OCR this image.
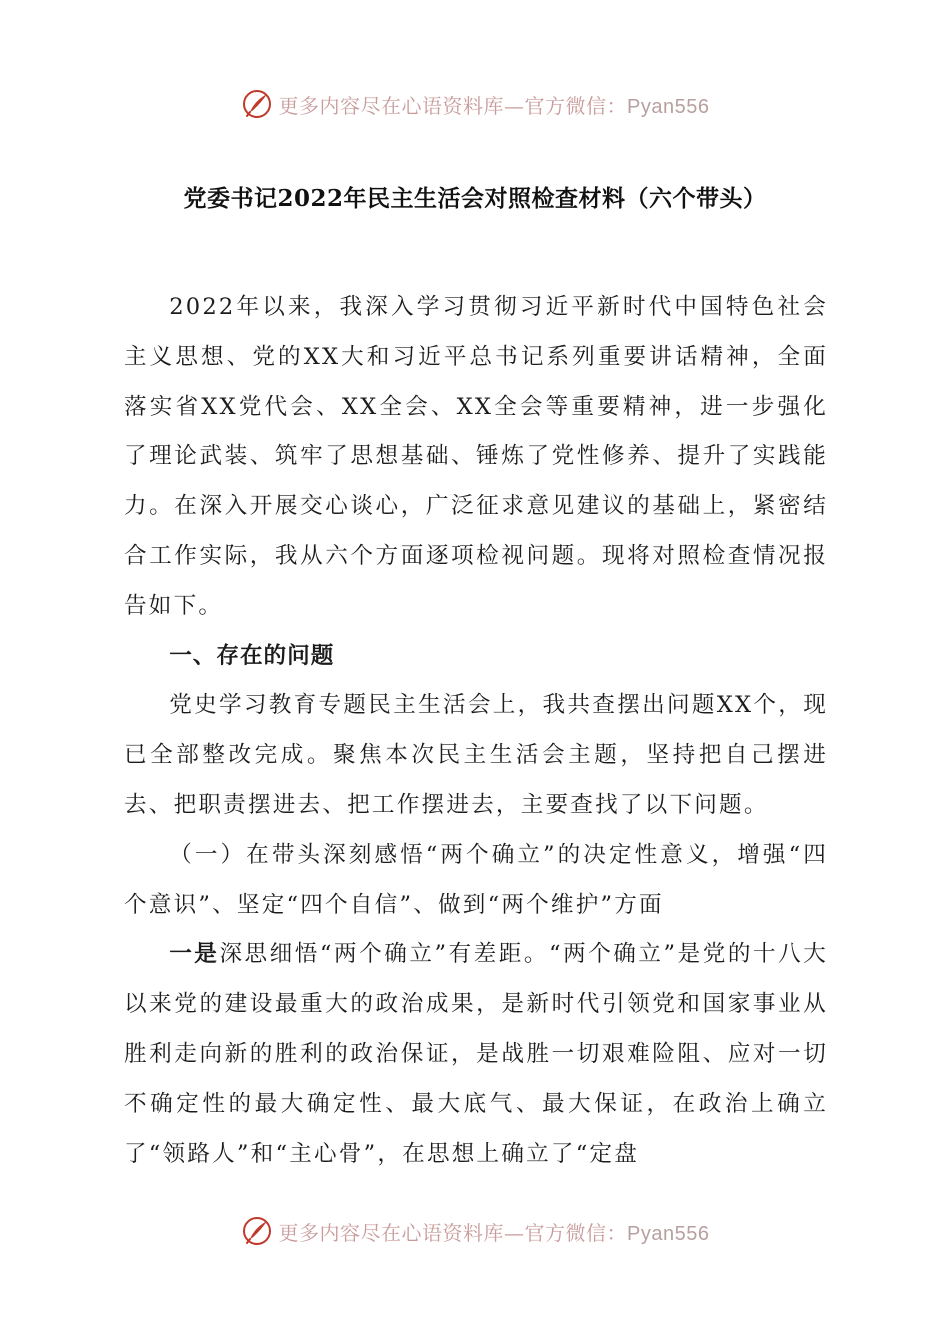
更多内容尽在心语资料库—官方微信：Pyan556
党委书记2022年民主生活会对照检查材料（六个带头）

2022年以来，我深入学习贯彻习近平新时代中国特色社会主义思想、党的XX大和习近平总书记系列重要讲话精神，全面落实省XX党代会、XX全会、XX全会等重要精神，进一步强化了理论武装、筑牢了思想基础、锤炼了党性修养、提升了实践能力。在深入开展交心谈心，广泛征求意见建议的基础上，紧密结合工作实际，我从六个方面逐项检视问题。现将对照检查情况报告如下。

一、存在的问题

党史学习教育专题民主生活会上，我共查摆出问题XX个，现已全部整改完成。聚焦本次民主生活会主题，坚持把自己摆进去、把职责摆进去、把工作摆进去，主要查找了以下问题。

（一）在带头深刻感悟“两个确立”的决定性意义，增强“四个意识”、坚定“四个自信”、做到“两个维护”方面

一是深思细悟“两个确立”有差距。“两个确立”是党的十八大以来党的建设最重大的政治成果，是新时代引领党和国家事业从胜利走向新的胜利的政治保证，是战胜一切艰难险阻、应对一切不确定性的最大确定性、最大底气、最大保证，在政治上确立了“领路人”和“主心骨”，在思想上确立了“定盘

更多内容尽在心语资料库—官方微信：Pyan556
